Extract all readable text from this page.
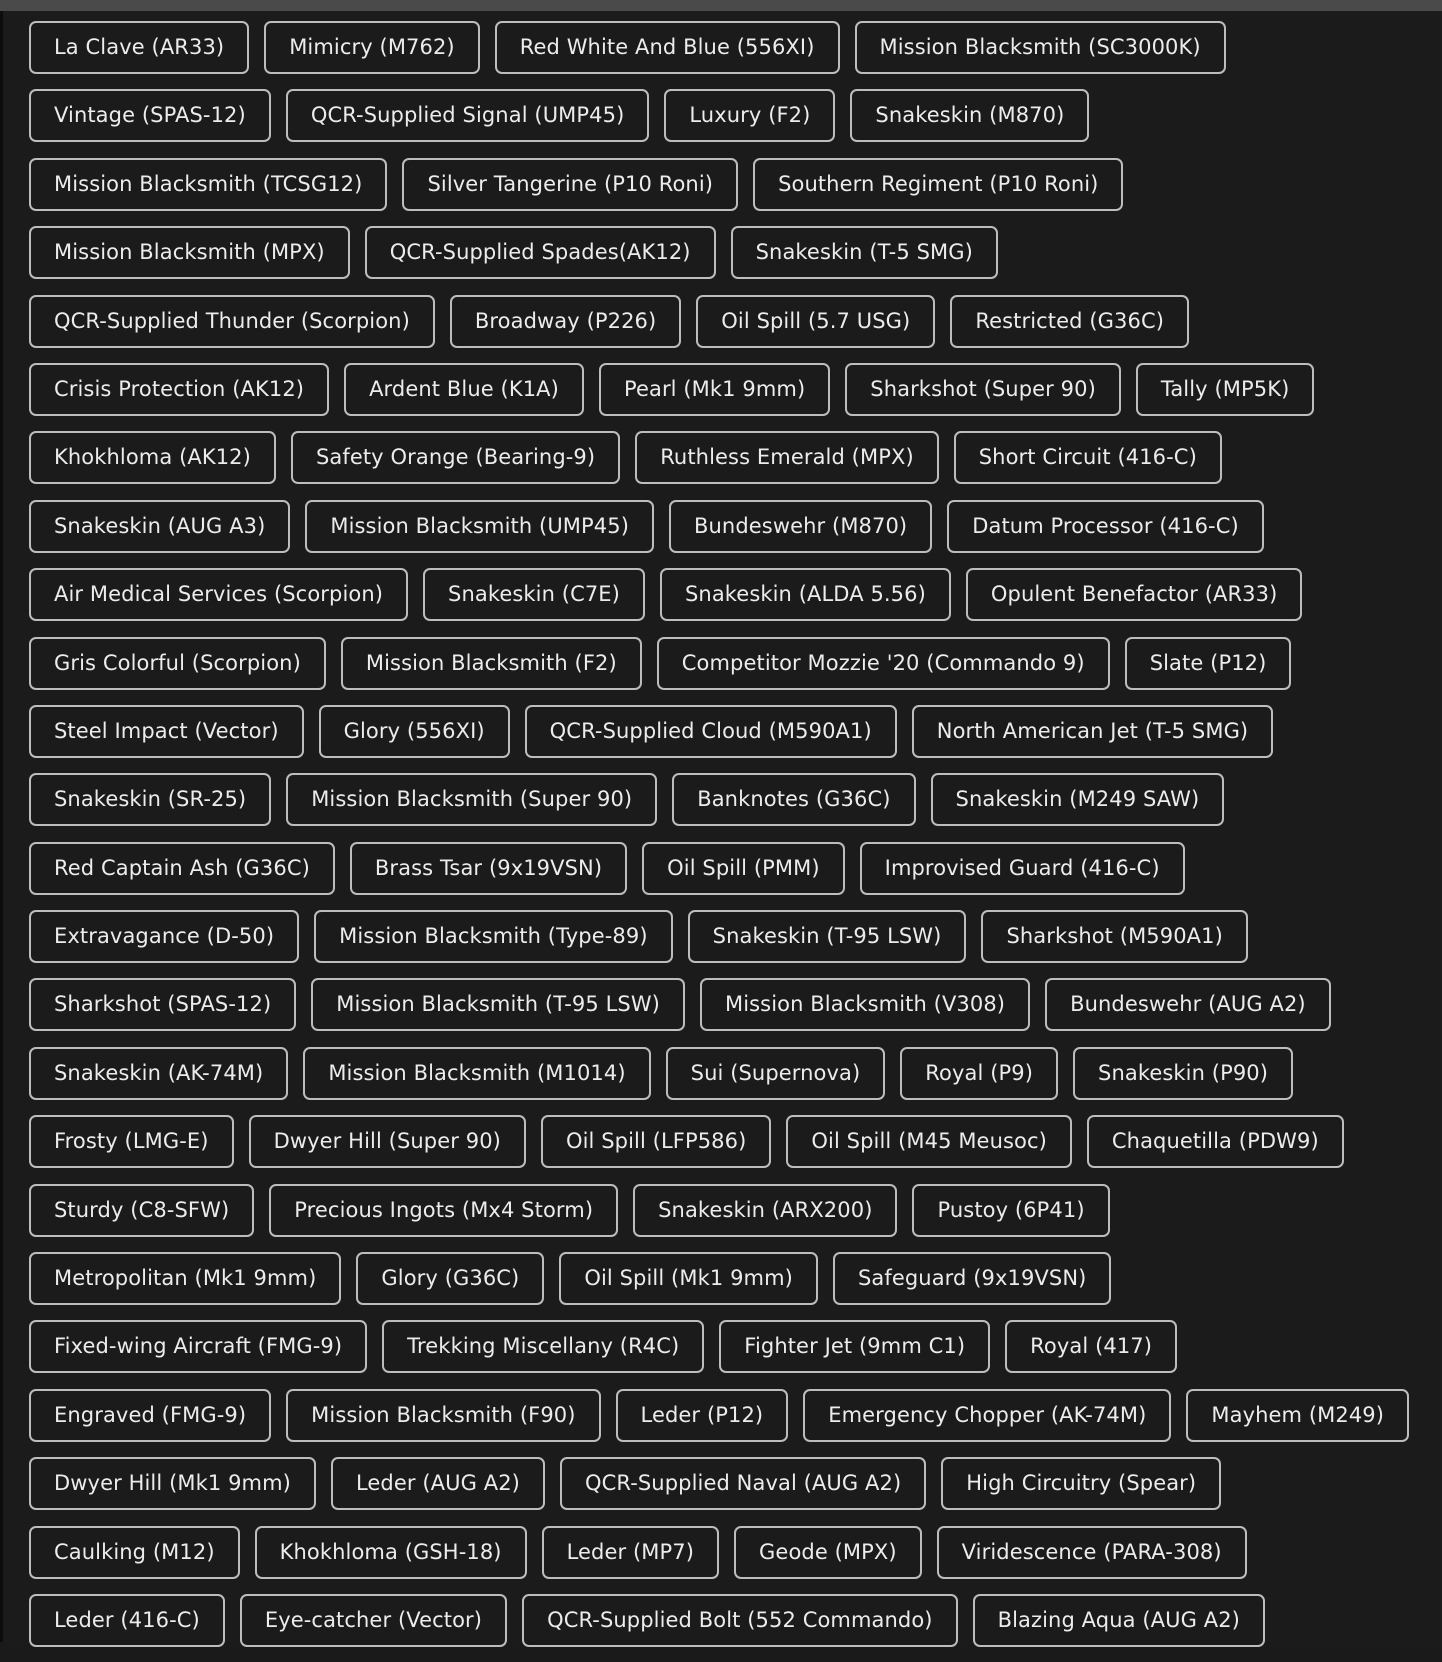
La Clave (AR33)	Mimicry (M762)	Red White And Blue (556XI)	Mission Blacksmith (SC3000K)
Vintage (SPAS-12)	QCR-Supplied Signal (UMP45)	Luxury (F2)	Snakeskin (M870)
Mission Blacksmith (TCSG12)	Silver Tangerine (P10 Roni)	Southern Regiment (P10 Roni)
Mission Blacksmith (MPX)	QCR-Supplied Spades(AK12)	Snakeskin (T-5 SMG)
QCR-Supplied Thunder (Scorpion)	Broadway (P226)	Oil Spill (5.7 USG)	Restricted (G36C)
Crisis Protection (AK12)	Ardent Blue (K1A)	Pearl (Mk1 9mm)	Sharkshot (Super 90)	Tally (MP5K)
Khokhloma (AK12)	Safety Orange (Bearing-9)	Ruthless Emerald (MPX)	Short Circuit (416-C)
Snakeskin (AUG A3)	Mission Blacksmith (UMP45)	Bundeswehr (M870)	Datum Processor (416-C)
Air Medical Services (Scorpion)	Snakeskin (C7E)	Snakeskin (ALDA 5.56)	Opulent Benefactor (AR33)
Gris Colorful (Scorpion)	Mission Blacksmith (F2)	Competitor Mozzie '20 (Commando 9)	Slate (P12)
Steel Impact (Vector)	Glory (556XI)	QCR-Supplied Cloud (M590A1)	North American Jet (T-5 SMG)
Snakeskin (SR-25)	Mission Blacksmith (Super 90)	Banknotes (G36C)	Snakeskin (M249 SAW)
Red Captain Ash (G36C)	Brass Tsar (9x19VSN)	Oil Spill (PMM)	Improvised Guard (416-C)
Extravagance (D-50)	Mission Blacksmith (Type-89)	Snakeskin (T-95 LSW)	Sharkshot (M590A1)
Sharkshot (SPAS-12)	Mission Blacksmith (T-95 LSW)	Mission Blacksmith (V308)	Bundeswehr (AUG A2)
Snakeskin (AK-74M)	Mission Blacksmith (M1014)	Sui (Supernova)	Royal (P9)	Snakeskin (P90)
Frosty (LMG-E)	Dwyer Hill (Super 90)	Oil Spill (LFP586)	Oil Spill (M45 Meusoc)	Chaquetilla (PDW9)
Sturdy (C8-SFW)	Precious Ingots (Mx4 Storm)	Snakeskin (ARX200)	Pustoy (6P41)
Metropolitan (Mk1 9mm)	Glory (G36C)	Oil Spill (Mk1 9mm)	Safeguard (9x19VSN)
Fixed-wing Aircraft (FMG-9)	Trekking Miscellany (R4C)	Fighter Jet (9mm C1)	Royal (417)
Engraved (FMG-9)	Mission Blacksmith (F90)	Leder (P12)	Emergency Chopper (AK-74M)	Mayhem (M249)
Dwyer Hill (Mk1 9mm)	Leder (AUG A2)	QCR-Supplied Naval (AUG A2)	High Circuitry (Spear)
Caulking (M12)	Khokhloma (GSH-18)	Leder (MP7)	Geode (MPX)	Viridescence (PARA-308)
Leder (416-C)	Eye-catcher (Vector)	QCR-Supplied Bolt (552 Commando)	Blazing Aqua (AUG A2)
